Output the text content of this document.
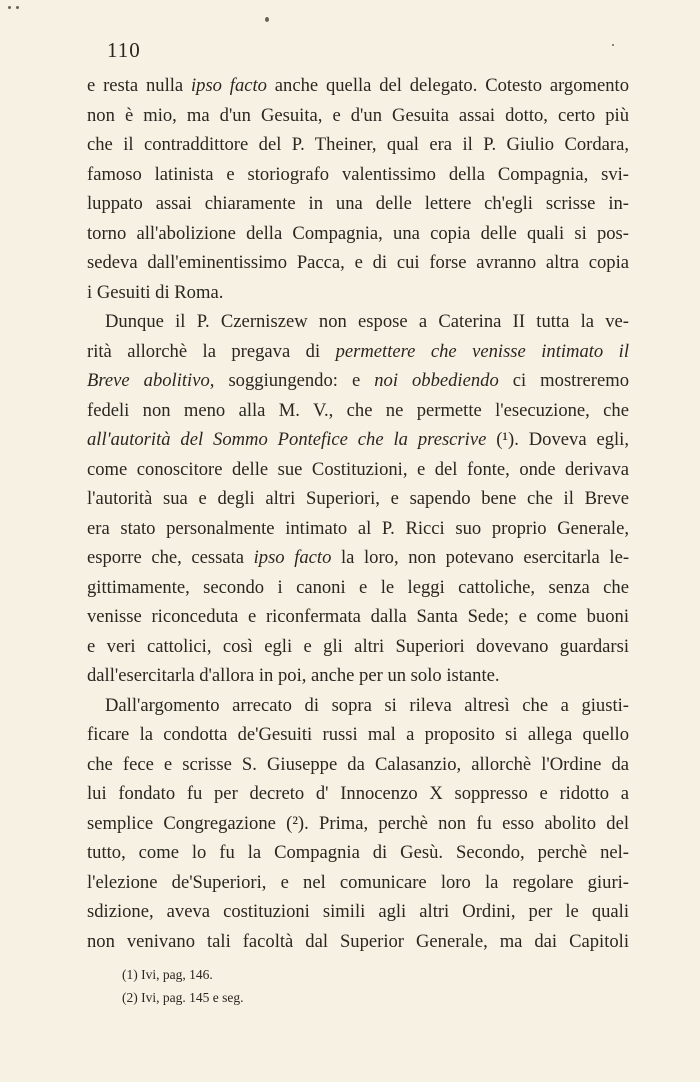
110
e resta nulla ipso facto anche quella del delegato. Cotesto argomento
non è mio, ma d'un Gesuita, e d'un Gesuita assai dotto, certo più
che il contraddittore del P. Theiner, qual era il P. Giulio Cordara,
famoso latinista e storiografo valentissimo della Compagnia, svi-
luppato assai chiaramente in una delle lettere ch'egli scrisse in-
torno all'abolizione della Compagnia, una copia delle quali si pos-
sedeva dall'eminentissimo Pacca, e di cui forse avranno altra copia
i Gesuiti di Roma.
Dunque il P. Czerniszew non espose a Caterina II tutta la ve-
rità allorchè la pregava di permettere che venisse intimato il
Breve abolitivo, soggiungendo: e noi obbediendo ci mostreremo
fedeli non meno alla M. V., che ne permette l'esecuzione, che
all'autorità del Sommo Pontefice che la prescrive (¹). Doveva egli,
come conoscitore delle sue Costituzioni, e del fonte, onde derivava
l'autorità sua e degli altri Superiori, e sapendo bene che il Breve
era stato personalmente intimato al P. Ricci suo proprio Generale,
esporre che, cessata ipso facto la loro, non potevano esercitarla le-
gittimamente, secondo i canoni e le leggi cattoliche, senza che
venisse riconceduta e riconfermata dalla Santa Sede; e come buoni
e veri cattolici, così egli e gli altri Superiori dovevano guardarsi
dall'esercitarla d'allora in poi, anche per un solo istante.
Dall'argomento arrecato di sopra si rileva altresì che a giusti-
ficare la condotta de'Gesuiti russi mal a proposito si allega quello
che fece e scrisse S. Giuseppe da Calasanzio, allorchè l'Ordine da
lui fondato fu per decreto d' Innocenzo X soppresso e ridotto a
semplice Congregazione (²). Prima, perchè non fu esso abolito del
tutto, come lo fu la Compagnia di Gesù. Secondo, perchè nel-
l'elezione de'Superiori, e nel comunicare loro la regolare giuri-
sdizione, aveva costituzioni simili agli altri Ordini, per le quali
non venivano tali facoltà dal Superior Generale, ma dai Capitoli
(1) Ivi, pag, 146.
(2) Ivi, pag. 145 e seg.
